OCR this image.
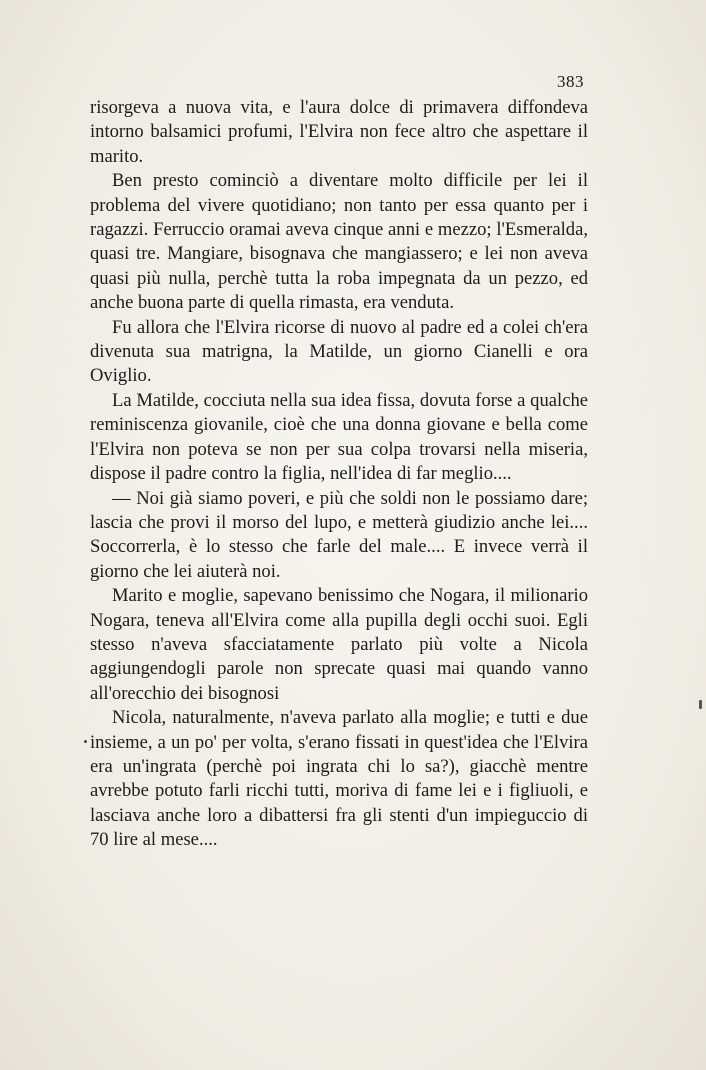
383

risorgeva a nuova vita, e l'aura dolce di primavera diffondeva intorno balsamici profumi, l'Elvira non fece altro che aspettare il marito.

Ben presto cominciò a diventare molto difficile per lei il problema del vivere quotidiano; non tanto per essa quanto per i ragazzi. Ferruccio oramai aveva cinque anni e mezzo; l'Esmeralda, quasi tre. Mangiare, bisognava che mangiassero; e lei non aveva quasi più nulla, perchè tutta la roba impegnata da un pezzo, ed anche buona parte di quella rimasta, era venduta.

Fu allora che l'Elvira ricorse di nuovo al padre ed a colei ch'era divenuta sua matrigna, la Matilde, un giorno Cianelli e ora Oviglio.

La Matilde, cocciuta nella sua idea fissa, dovuta forse a qualche reminiscenza giovanile, cioè che una donna giovane e bella come l'Elvira non poteva se non per sua colpa trovarsi nella miseria, dispose il padre contro la figlia, nell'idea di far meglio....

— Noi già siamo poveri, e più che soldi non le possiamo dare; lascia che provi il morso del lupo, e metterà giudizio anche lei.... Soccorrerla, è lo stesso che farle del male.... E invece verrà il giorno che lei aiuterà noi.

Marito e moglie, sapevano benissimo che Nogara, il milionario Nogara, teneva all'Elvira come alla pupilla degli occhi suoi. Egli stesso n'aveva sfacciatamente parlato più volte a Nicola aggiungendogli parole non sprecate quasi mai quando vanno all'orecchio dei bisognosi

Nicola, naturalmente, n'aveva parlato alla moglie; e tutti e due insieme, a un po' per volta, s'erano fissati in quest'idea che l'Elvira era un'ingrata (perchè poi ingrata chi lo sa?), giacchè mentre avrebbe potuto farli ricchi tutti, moriva di fame lei e i figliuoli, e lasciava anche loro a dibattersi fra gli stenti d'un impieguccio di 70 lire al mese....
